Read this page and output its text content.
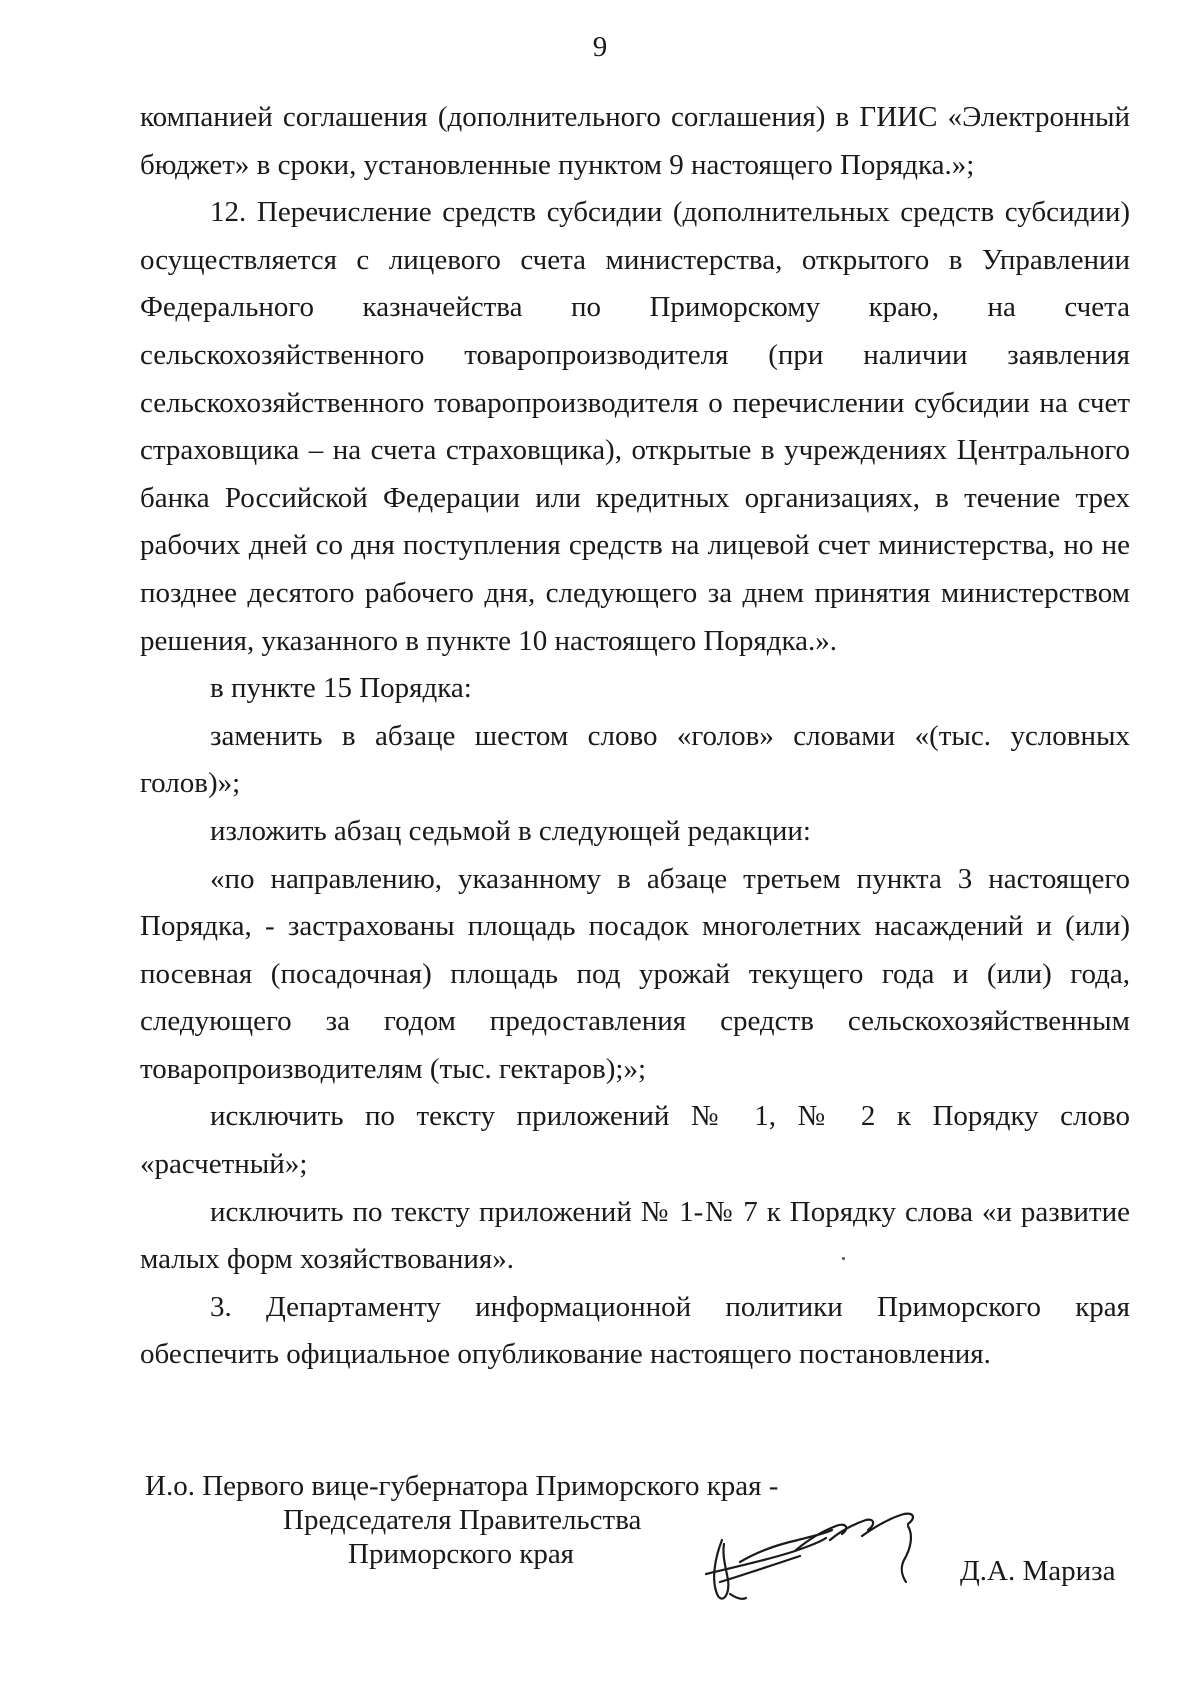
9

компанией соглашения (дополнительного соглашения) в ГИИС «Электронный бюджет» в сроки, установленные пунктом 9 настоящего Порядка.»;

12. Перечисление средств субсидии (дополнительных средств субсидии) осуществляется с лицевого счета министерства, открытого в Управлении Федерального казначейства по Приморскому краю, на счета сельскохозяйственного товаропроизводителя (при наличии заявления сельскохозяйственного товаропроизводителя о перечислении субсидии на счет страховщика – на счета страховщика), открытые в учреждениях Центрального банка Российской Федерации или кредитных организациях, в течение трех рабочих дней со дня поступления средств на лицевой счет министерства, но не позднее десятого рабочего дня, следующего за днем принятия министерством решения, указанного в пункте 10 настоящего Порядка.».

в пункте 15 Порядка:

заменить в абзаце шестом слово «голов» словами «(тыс. условных голов)»;

изложить абзац седьмой в следующей редакции:

«по направлению, указанному в абзаце третьем пункта 3 настоящего Порядка, - застрахованы площадь посадок многолетних насаждений и (или) посевная (посадочная) площадь под урожай текущего года и (или) года, следующего за годом предоставления средств сельскохозяйственным товаропроизводителям (тыс. гектаров);»;

исключить по тексту приложений № 1, № 2 к Порядку слово «расчетный»;

исключить по тексту приложений № 1-№ 7 к Порядку слова «и развитие малых форм хозяйствования».

3. Департаменту информационной политики Приморского края обеспечить официальное опубликование настоящего постановления.

И.о. Первого вице-губернатора Приморского края -
Председателя Правительства
Приморского края
Д.А. Мариза
